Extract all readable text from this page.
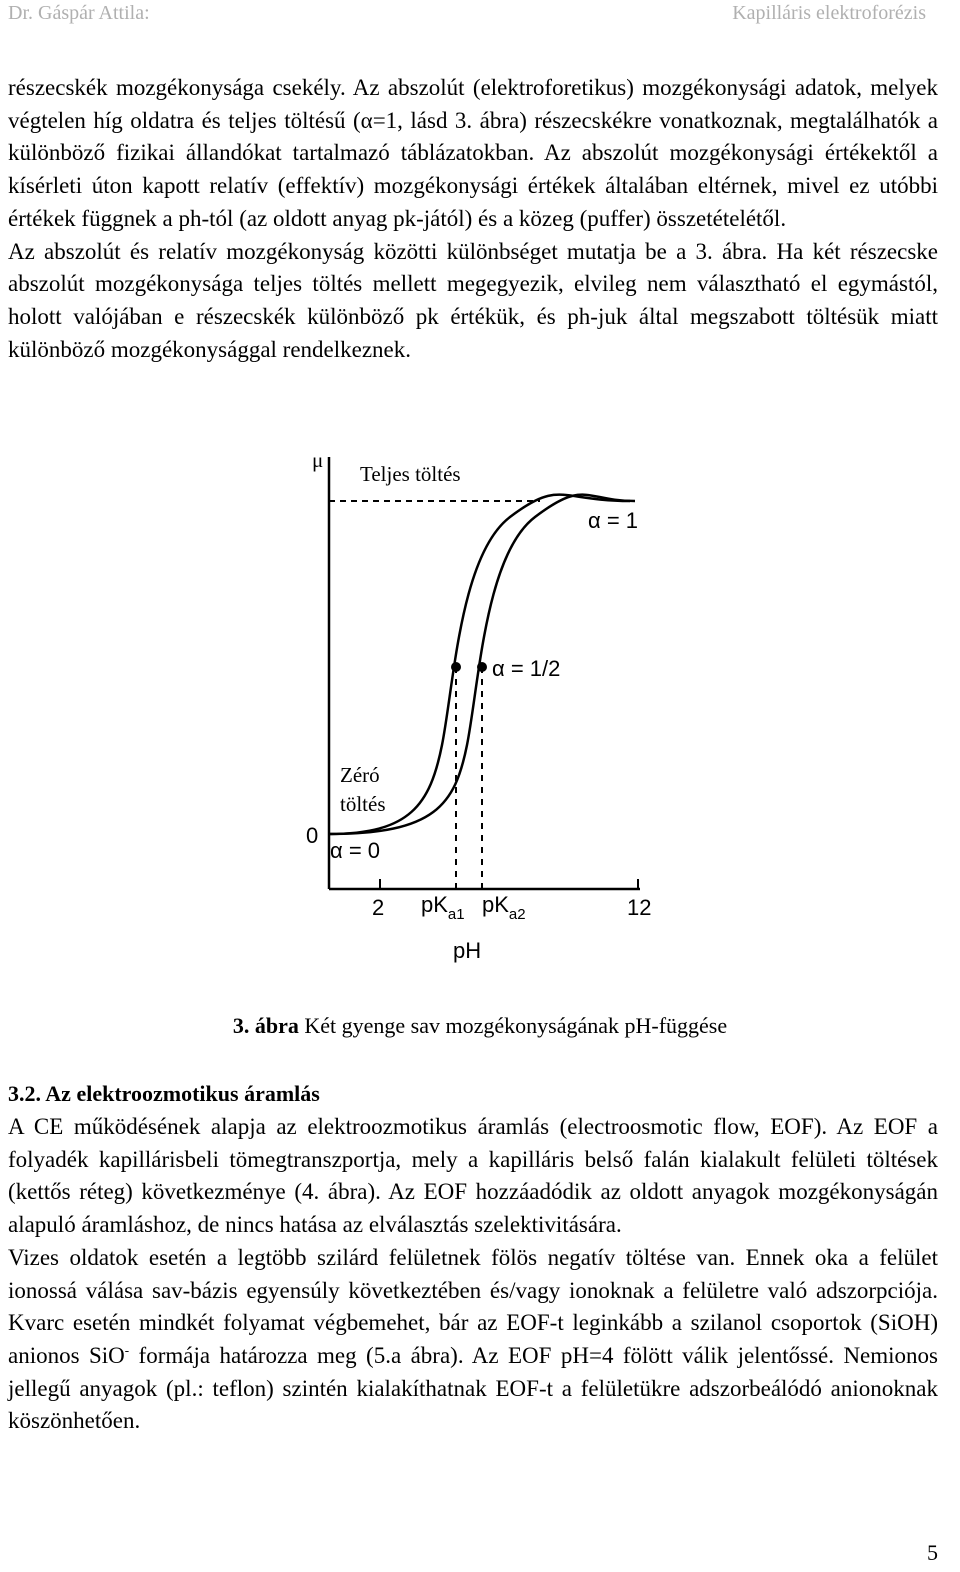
Dr. Gáspár Attila:	Kapilláris elektroforézis

részecskék mozgékonysága csekély. Az abszolút (elektroforetikus) mozgékonysági adatok, melyek végtelen híg oldatra és teljes töltésű (α=1, lásd 3. ábra) részecskékre vonatkoznak, megtalálhatók a különböző fizikai állandókat tartalmazó táblázatokban. Az abszolút mozgékonysági értékektől a kísérleti úton kapott relatív (effektív) mozgékonysági értékek általában eltérnek, mivel ez utóbbi értékek függnek a ph-tól (az oldott anyag pk-jától) és a közeg (puffer) összetételétől.

Az abszolút és relatív mozgékonyság közötti különbséget mutatja be a 3. ábra. Ha két részecske abszolút mozgékonysága teljes töltés mellett megegyezik, elvileg nem választható el egymástól, holott valójában e részecskék különböző pk értékük, és ph-juk által megszabott töltésük miatt különböző mozgékonysággal rendelkeznek.

μ
Teljes töltés
α = 1
α = 1/2
Zéró
töltés
α = 0
0
2 $pK_{a1}$ $pK_{a2}$	12
pH
3. ábra Két gyenge sav mozgékonyságának pH-függése
3.2. Az elektroozmotikus áramlás

A CE működésének alapja az elektroozmotikus áramlás (electroosmotic flow, EOF). Az EOF a folyadék kapillárisbeli tömegtranszportja, mely a kapilláris belső falán kialakult felületi töltések (kettős réteg) következménye (4. ábra). Az EOF hozzáadódik az oldott anyagok mozgékonyságán alapuló áramláshoz, de nincs hatása az elválasztás szelektivitására.

Vizes oldatok esetén a legtöbb szilárd felületnek fölös negatív töltése van. Ennek oka a felület ionossá válása sav-bázis egyensúly következtében és/vagy ionoknak a felületre való adszorpciója. Kvarc esetén mindkét folyamat végbemehet, bár az EOF-t leginkább a szilanol csoportok (SiOH) anionos SiO- formája határozza meg (5.a ábra). Az EOF pH=4 fölött válik jelentőssé. Nemionos jellegű anyagok (pl.: teflon) szintén kialakíthatnak EOF-t a felületükre adszorbeálódó anionoknak köszönhetően.

5
